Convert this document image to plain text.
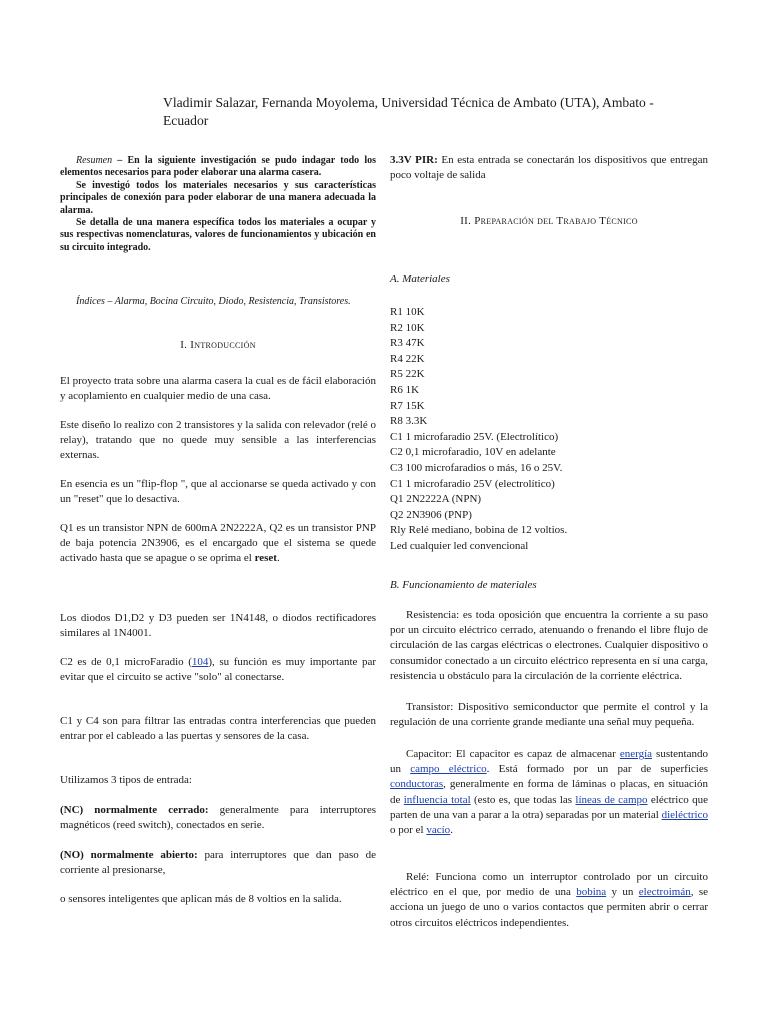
Vladimir Salazar, Fernanda Moyolema, Universidad Técnica de Ambato (UTA), Ambato - Ecuador

Resumen – En la siguiente investigación se pudo indagar todo los elementos necesarios para poder elaborar una alarma casera.

Se investigó todos los materiales necesarios y sus características principales de conexión para poder elaborar de una manera adecuada la alarma.

Se detalla de una manera específica todos los materiales a ocupar y sus respectivas nomenclaturas, valores de funcionamientos y ubicación en su circuito integrado.

Índices – Alarma, Bocina Circuito, Diodo, Resistencia, Transistores.
I. Introducción
El proyecto trata sobre una alarma casera la cual es de fácil elaboración y acoplamiento en cualquier medio de una casa.
Este diseño lo realizo con 2 transistores y la salida con relevador (relé o relay), tratando que no quede muy sensible a las interferencias externas.
En esencia es un "flip-flop ", que al accionarse se queda activado y con un "reset" que lo desactiva.
Q1 es un transistor NPN de 600mA 2N2222A, Q2 es un transistor PNP de baja potencia 2N3906, es el encargado que el sistema se quede activado hasta que se apague o se oprima el reset.
Los diodos D1,D2 y D3 pueden ser 1N4148, o diodos rectificadores similares al 1N4001.
C2 es de 0,1 microFaradio (104), su función es muy importante par evitar que el circuito se active "solo" al conectarse.
C1 y C4 son para filtrar las entradas contra interferencias que pueden entrar por el cableado a las puertas y sensores de la casa.
Utilizamos 3 tipos de entrada:
(NC) normalmente cerrado: generalmente para interruptores magnéticos (reed switch), conectados en serie.
(NO) normalmente abierto: para interruptores que dan paso de corriente al presionarse,
o sensores inteligentes que aplican más de 8 voltios en la salida.
3.3V PIR: En esta entrada se conectarán los dispositivos que entregan poco voltaje de salida
II. Preparación del Trabajo Técnico
A. Materiales
R1 10K
R2 10K
R3 47K
R4 22K
R5 22K
R6 1K
R7 15K
R8 3.3K
C1 1 microfaradio 25V. (Electrolítico)
C2 0,1 microfaradio, 10V en adelante
C3 100 microfaradios o más, 16 o 25V.
C1 1 microfaradio 25V (electrolítico)
Q1 2N2222A (NPN)
Q2 2N3906 (PNP)
Rly Relé mediano, bobina de 12 voltios.
Led cualquier led convencional
B. Funcionamiento de materiales
Resistencia: es toda oposición que encuentra la corriente a su paso por un circuito eléctrico cerrado, atenuando o frenando el libre flujo de circulación de las cargas eléctricas o electrones. Cualquier dispositivo o consumidor conectado a un circuito eléctrico representa en sí una carga, resistencia u obstáculo para la circulación de la corriente eléctrica.
Transistor: Dispositivo semiconductor que permite el control y la regulación de una corriente grande mediante una señal muy pequeña.
Capacitor: El capacitor es capaz de almacenar energía sustentando un campo eléctrico. Está formado por un par de superficies conductoras, generalmente en forma de láminas o placas, en situación de influencia total (esto es, que todas las líneas de campo eléctrico que parten de una van a parar a la otra) separadas por un material dieléctrico o por el vacío.
Relé: Funciona como un interruptor controlado por un circuito eléctrico en el que, por medio de una bobina y un electroimán, se acciona un juego de uno o varios contactos que permiten abrir o cerrar otros circuitos eléctricos independientes.
